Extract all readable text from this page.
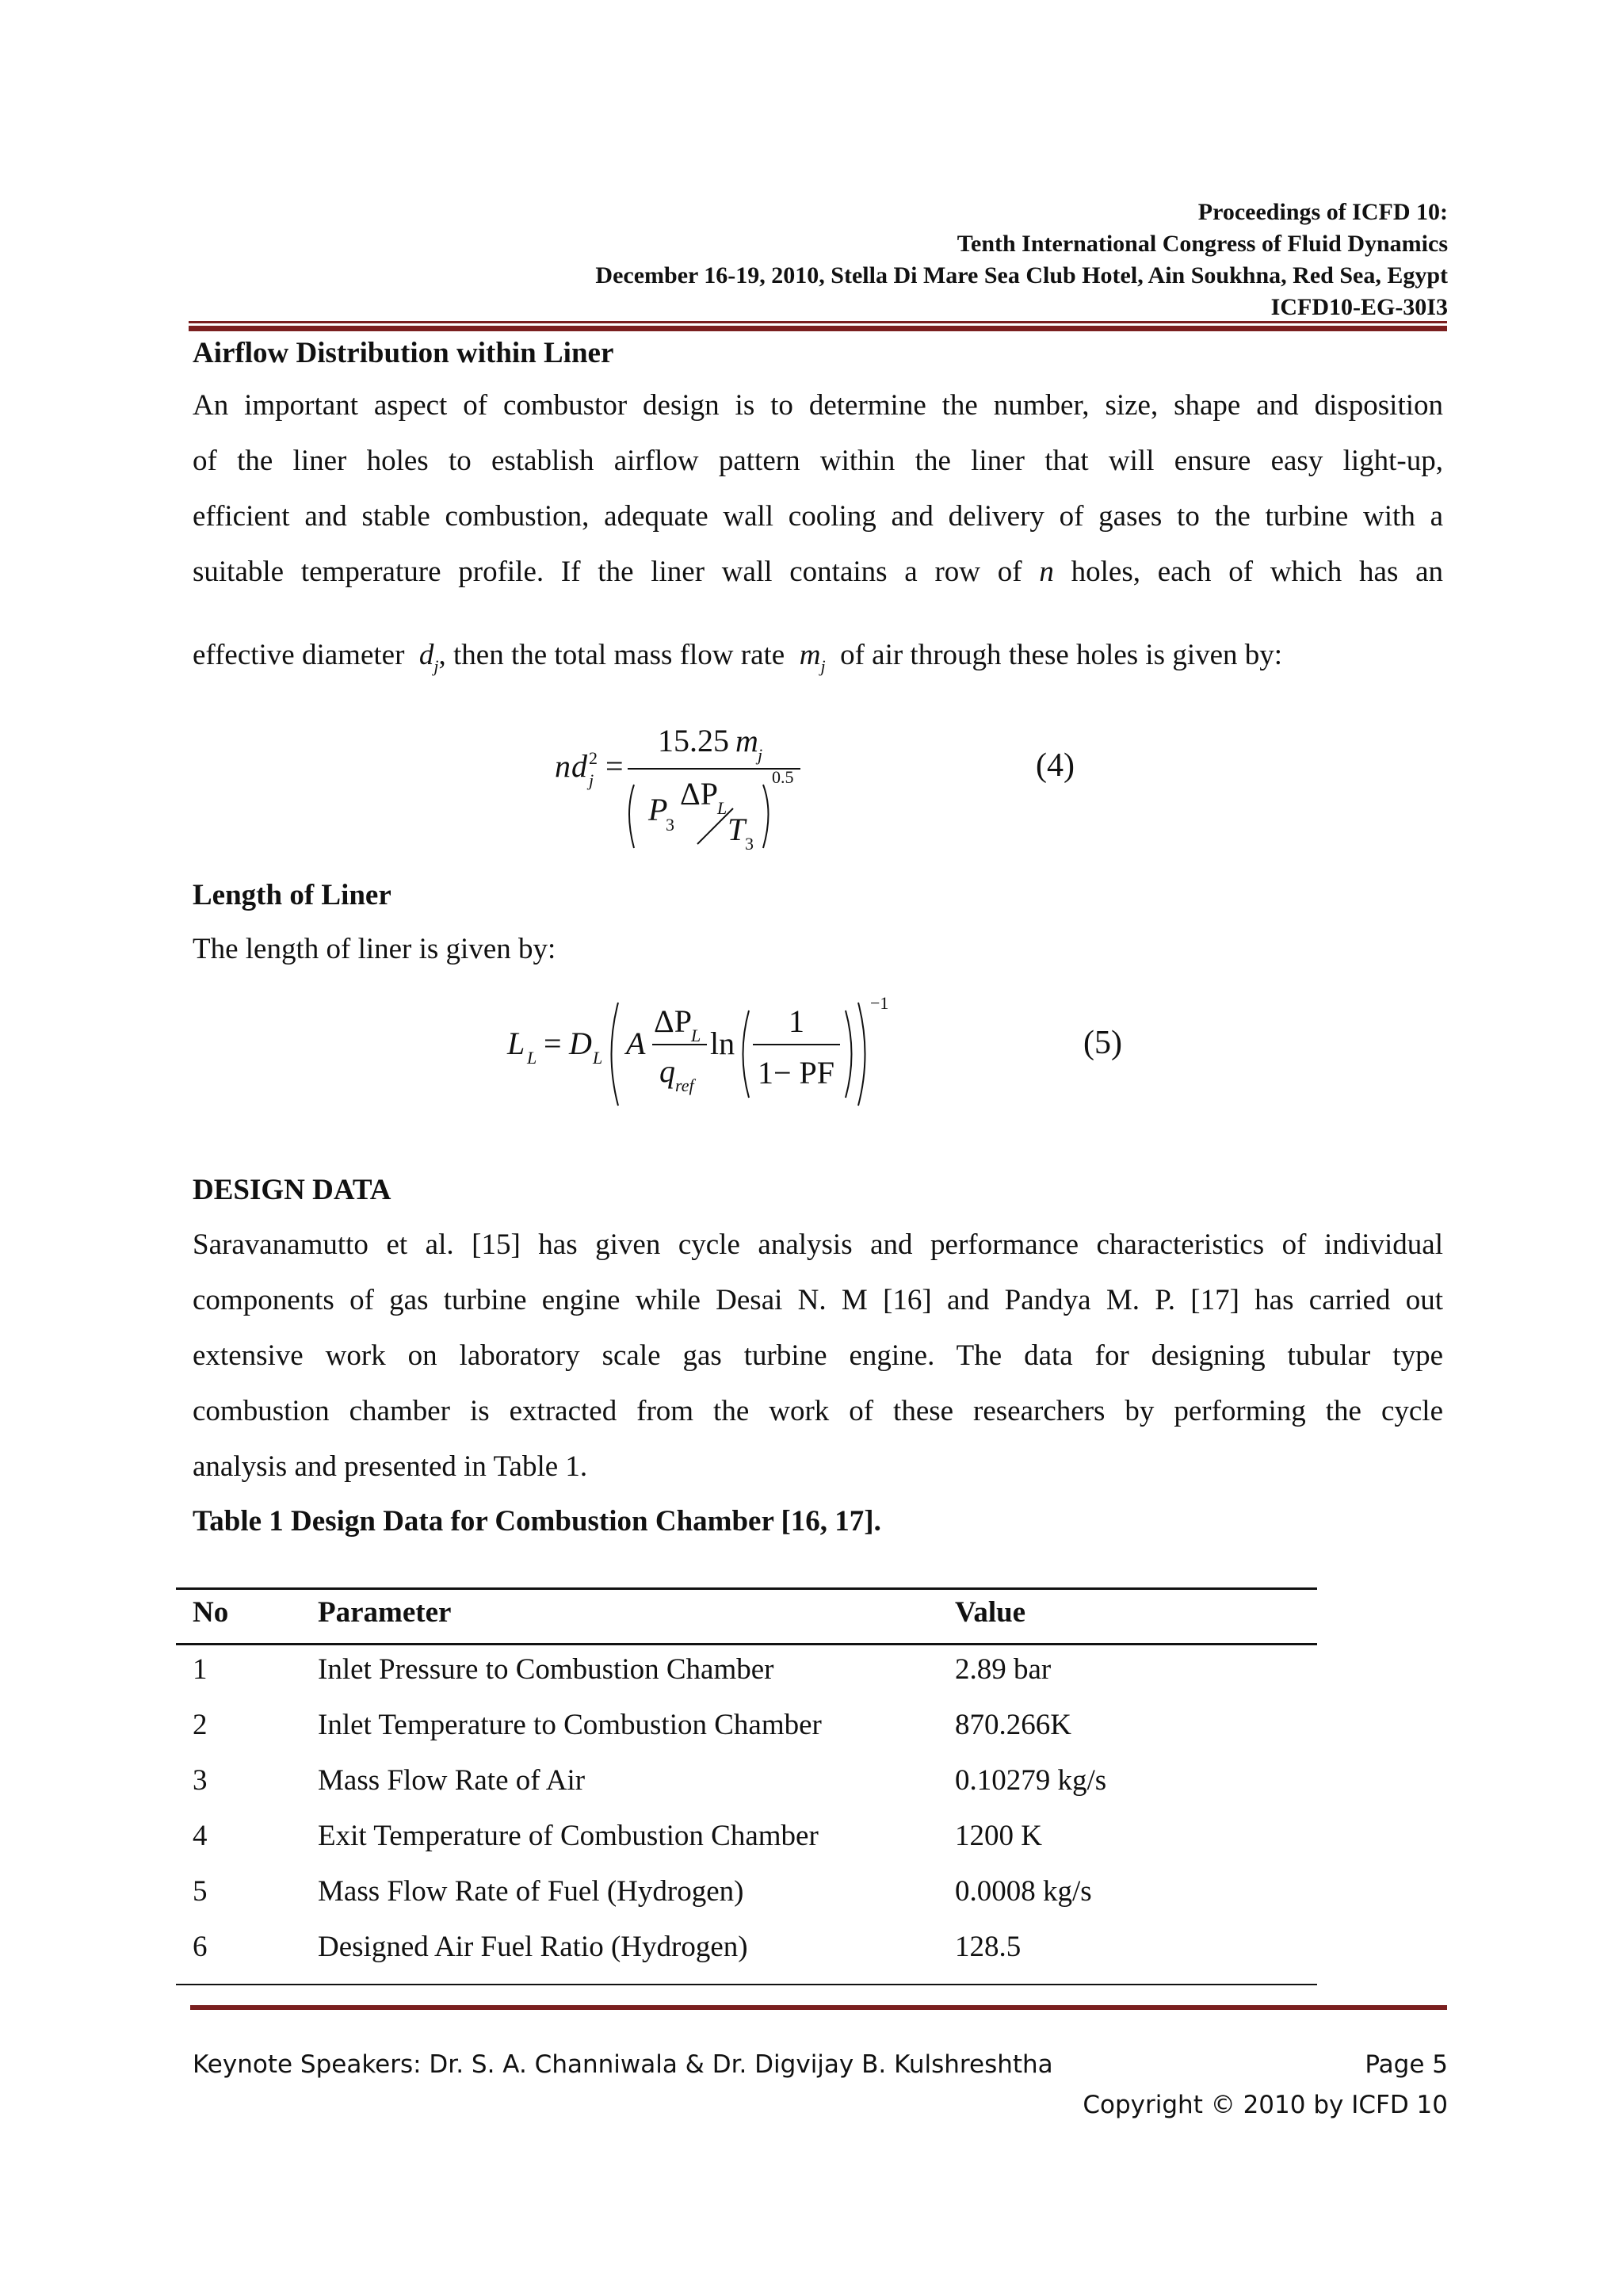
Proceedings of ICFD 10:
Tenth International Congress of Fluid Dynamics
December 16-19, 2010, Stella Di Mare Sea Club Hotel, Ain Soukhna, Red Sea, Egypt
ICFD10-EG-30I3
Airflow Distribution within Liner
An important aspect of combustor design is to determine the number, size, shape and disposition
of the liner holes to establish airflow pattern within the liner that will ensure easy light-up,
efficient and stable combustion, adequate wall cooling and delivery of gases to the turbine with a
suitable temperature profile. If the liner wall contains a row of n holes, each of which has an
effective diameter $d_j$, then the total mass flow rate $m_j$ of air through these holes is given by:
n d 2
j =
15.25 m j
P
3
ΔP L
T 3
0.5	(4)
Length of Liner
The length of liner is given by:
L L = D L A
ΔP L
q ref
ln
1
1− PF
−1
(5)
DESIGN DATA
Saravanamutto et al. [15] has given cycle analysis and performance characteristics of individual
components of gas turbine engine while Desai N. M [16] and Pandya M. P. [17] has carried out
extensive work on laboratory scale gas turbine engine. The data for designing tubular type
combustion chamber is extracted from the work of these researchers by performing the cycle
analysis and presented in Table 1.
Table 1 Design Data for Combustion Chamber [16, 17].
No	Parameter	Value
1	Inlet Pressure to Combustion Chamber	2.89 bar
2	Inlet Temperature to Combustion Chamber	870.266K
3	Mass Flow Rate of Air	0.10279 kg/s
4	Exit Temperature of Combustion Chamber	1200 K
5	Mass Flow Rate of Fuel (Hydrogen)	0.0008 kg/s
6	Designed Air Fuel Ratio (Hydrogen)	128.5
Keynote Speakers: Dr. S. A. Channiwala & Dr. Digvijay B. Kulshreshtha	Page 5
Copyright © 2010 by ICFD 10
